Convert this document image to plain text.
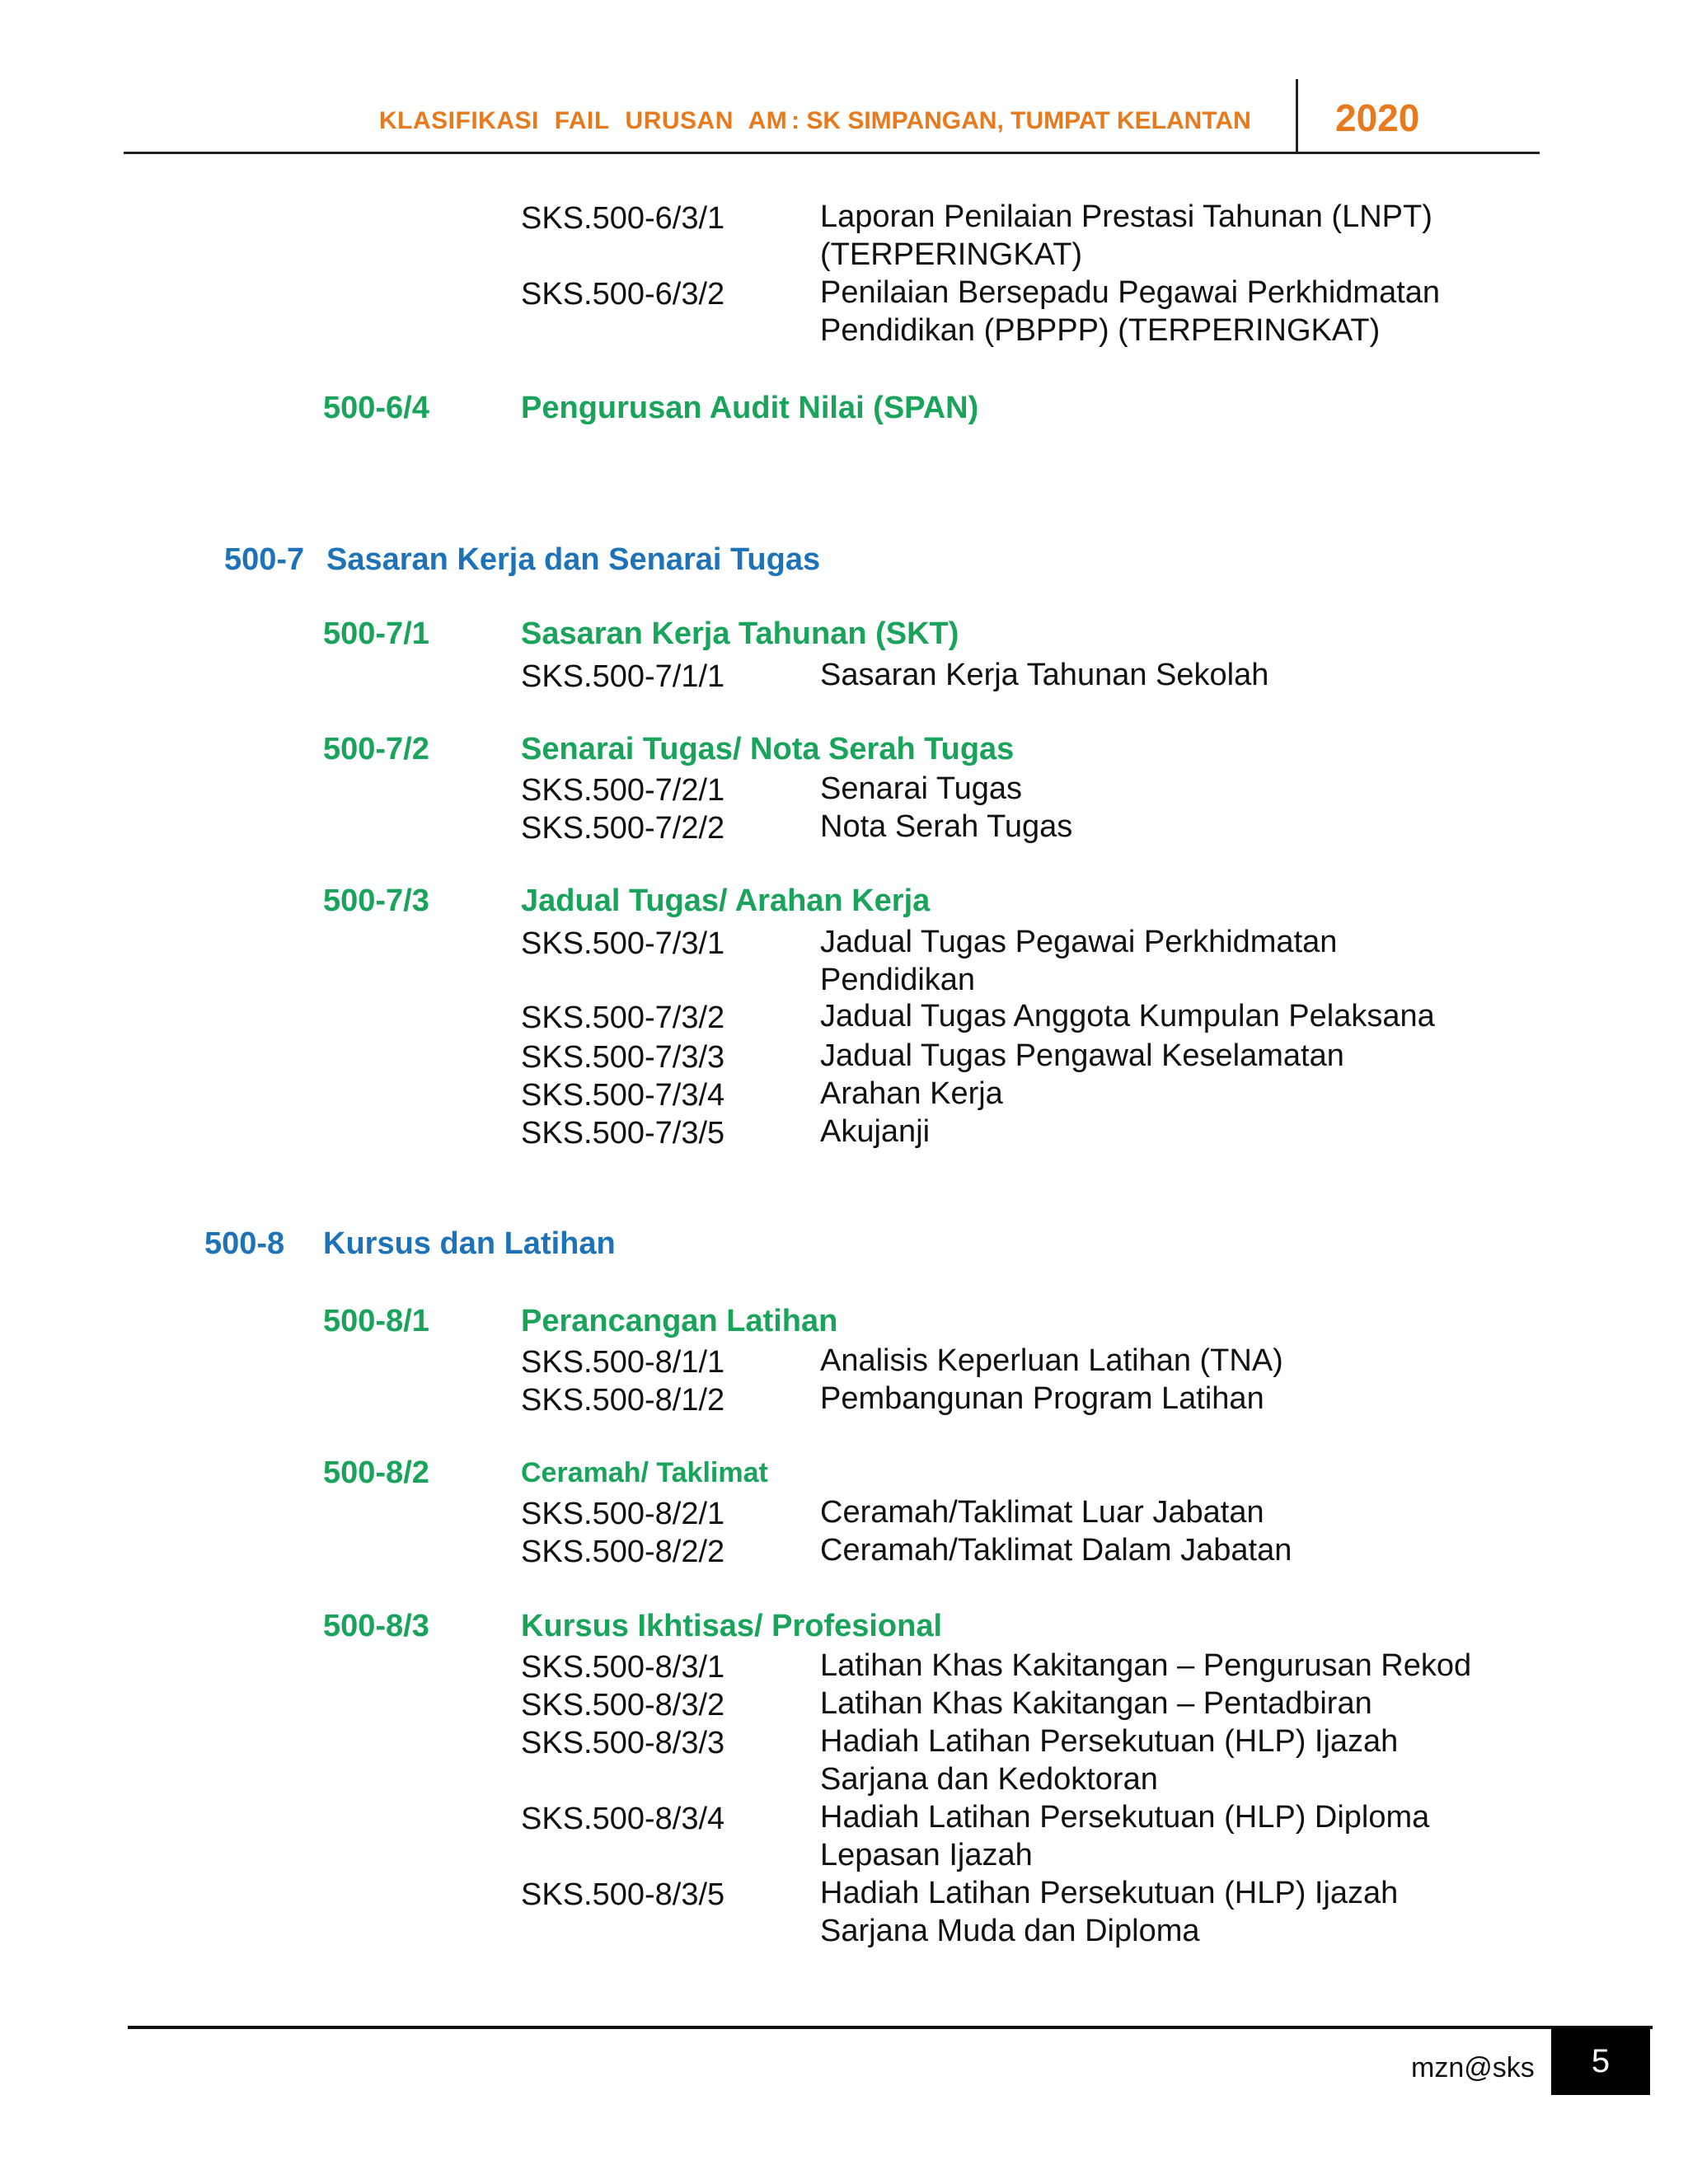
KLASIFIKASI FAIL URUSAN AM : SK SIMPANGAN, TUMPAT KELANTAN 2020
SKS.500-6/3/1	Laporan Penilaian Prestasi Tahunan (LNPT)
(TERPERINGKAT)
SKS.500-6/3/2	Penilaian Bersepadu Pegawai Perkhidmatan
Pendidikan (PBPPP) (TERPERINGKAT)
500-6/4	Pengurusan Audit Nilai (SPAN)
500-7 Sasaran Kerja dan Senarai Tugas
500-7/1	Sasaran Kerja Tahunan (SKT)
SKS.500-7/1/1	Sasaran Kerja Tahunan Sekolah
500-7/2	Senarai Tugas/ Nota Serah Tugas
SKS.500-7/2/1	Senarai Tugas
SKS.500-7/2/2	Nota Serah Tugas
500-7/3	Jadual Tugas/ Arahan Kerja
SKS.500-7/3/1	Jadual Tugas Pegawai Perkhidmatan
Pendidikan
SKS.500-7/3/2	Jadual Tugas Anggota Kumpulan Pelaksana
SKS.500-7/3/3	Jadual Tugas Pengawal Keselamatan
SKS.500-7/3/4	Arahan Kerja
SKS.500-7/3/5	Akujanji
500-8 Kursus dan Latihan
500-8/1	Perancangan Latihan
SKS.500-8/1/1	Analisis Keperluan Latihan (TNA)
SKS.500-8/1/2	Pembangunan Program Latihan
500-8/2	Ceramah/ Taklimat
SKS.500-8/2/1	Ceramah/Taklimat Luar Jabatan
SKS.500-8/2/2	Ceramah/Taklimat Dalam Jabatan
500-8/3	Kursus Ikhtisas/ Profesional
SKS.500-8/3/1	Latihan Khas Kakitangan – Pengurusan Rekod
SKS.500-8/3/2	Latihan Khas Kakitangan – Pentadbiran
SKS.500-8/3/3	Hadiah Latihan Persekutuan (HLP) Ijazah
Sarjana dan Kedoktoran
SKS.500-8/3/4	Hadiah Latihan Persekutuan (HLP) Diploma
Lepasan Ijazah
SKS.500-8/3/5	Hadiah Latihan Persekutuan (HLP) Ijazah
Sarjana Muda dan Diploma
mzn@sks	5
